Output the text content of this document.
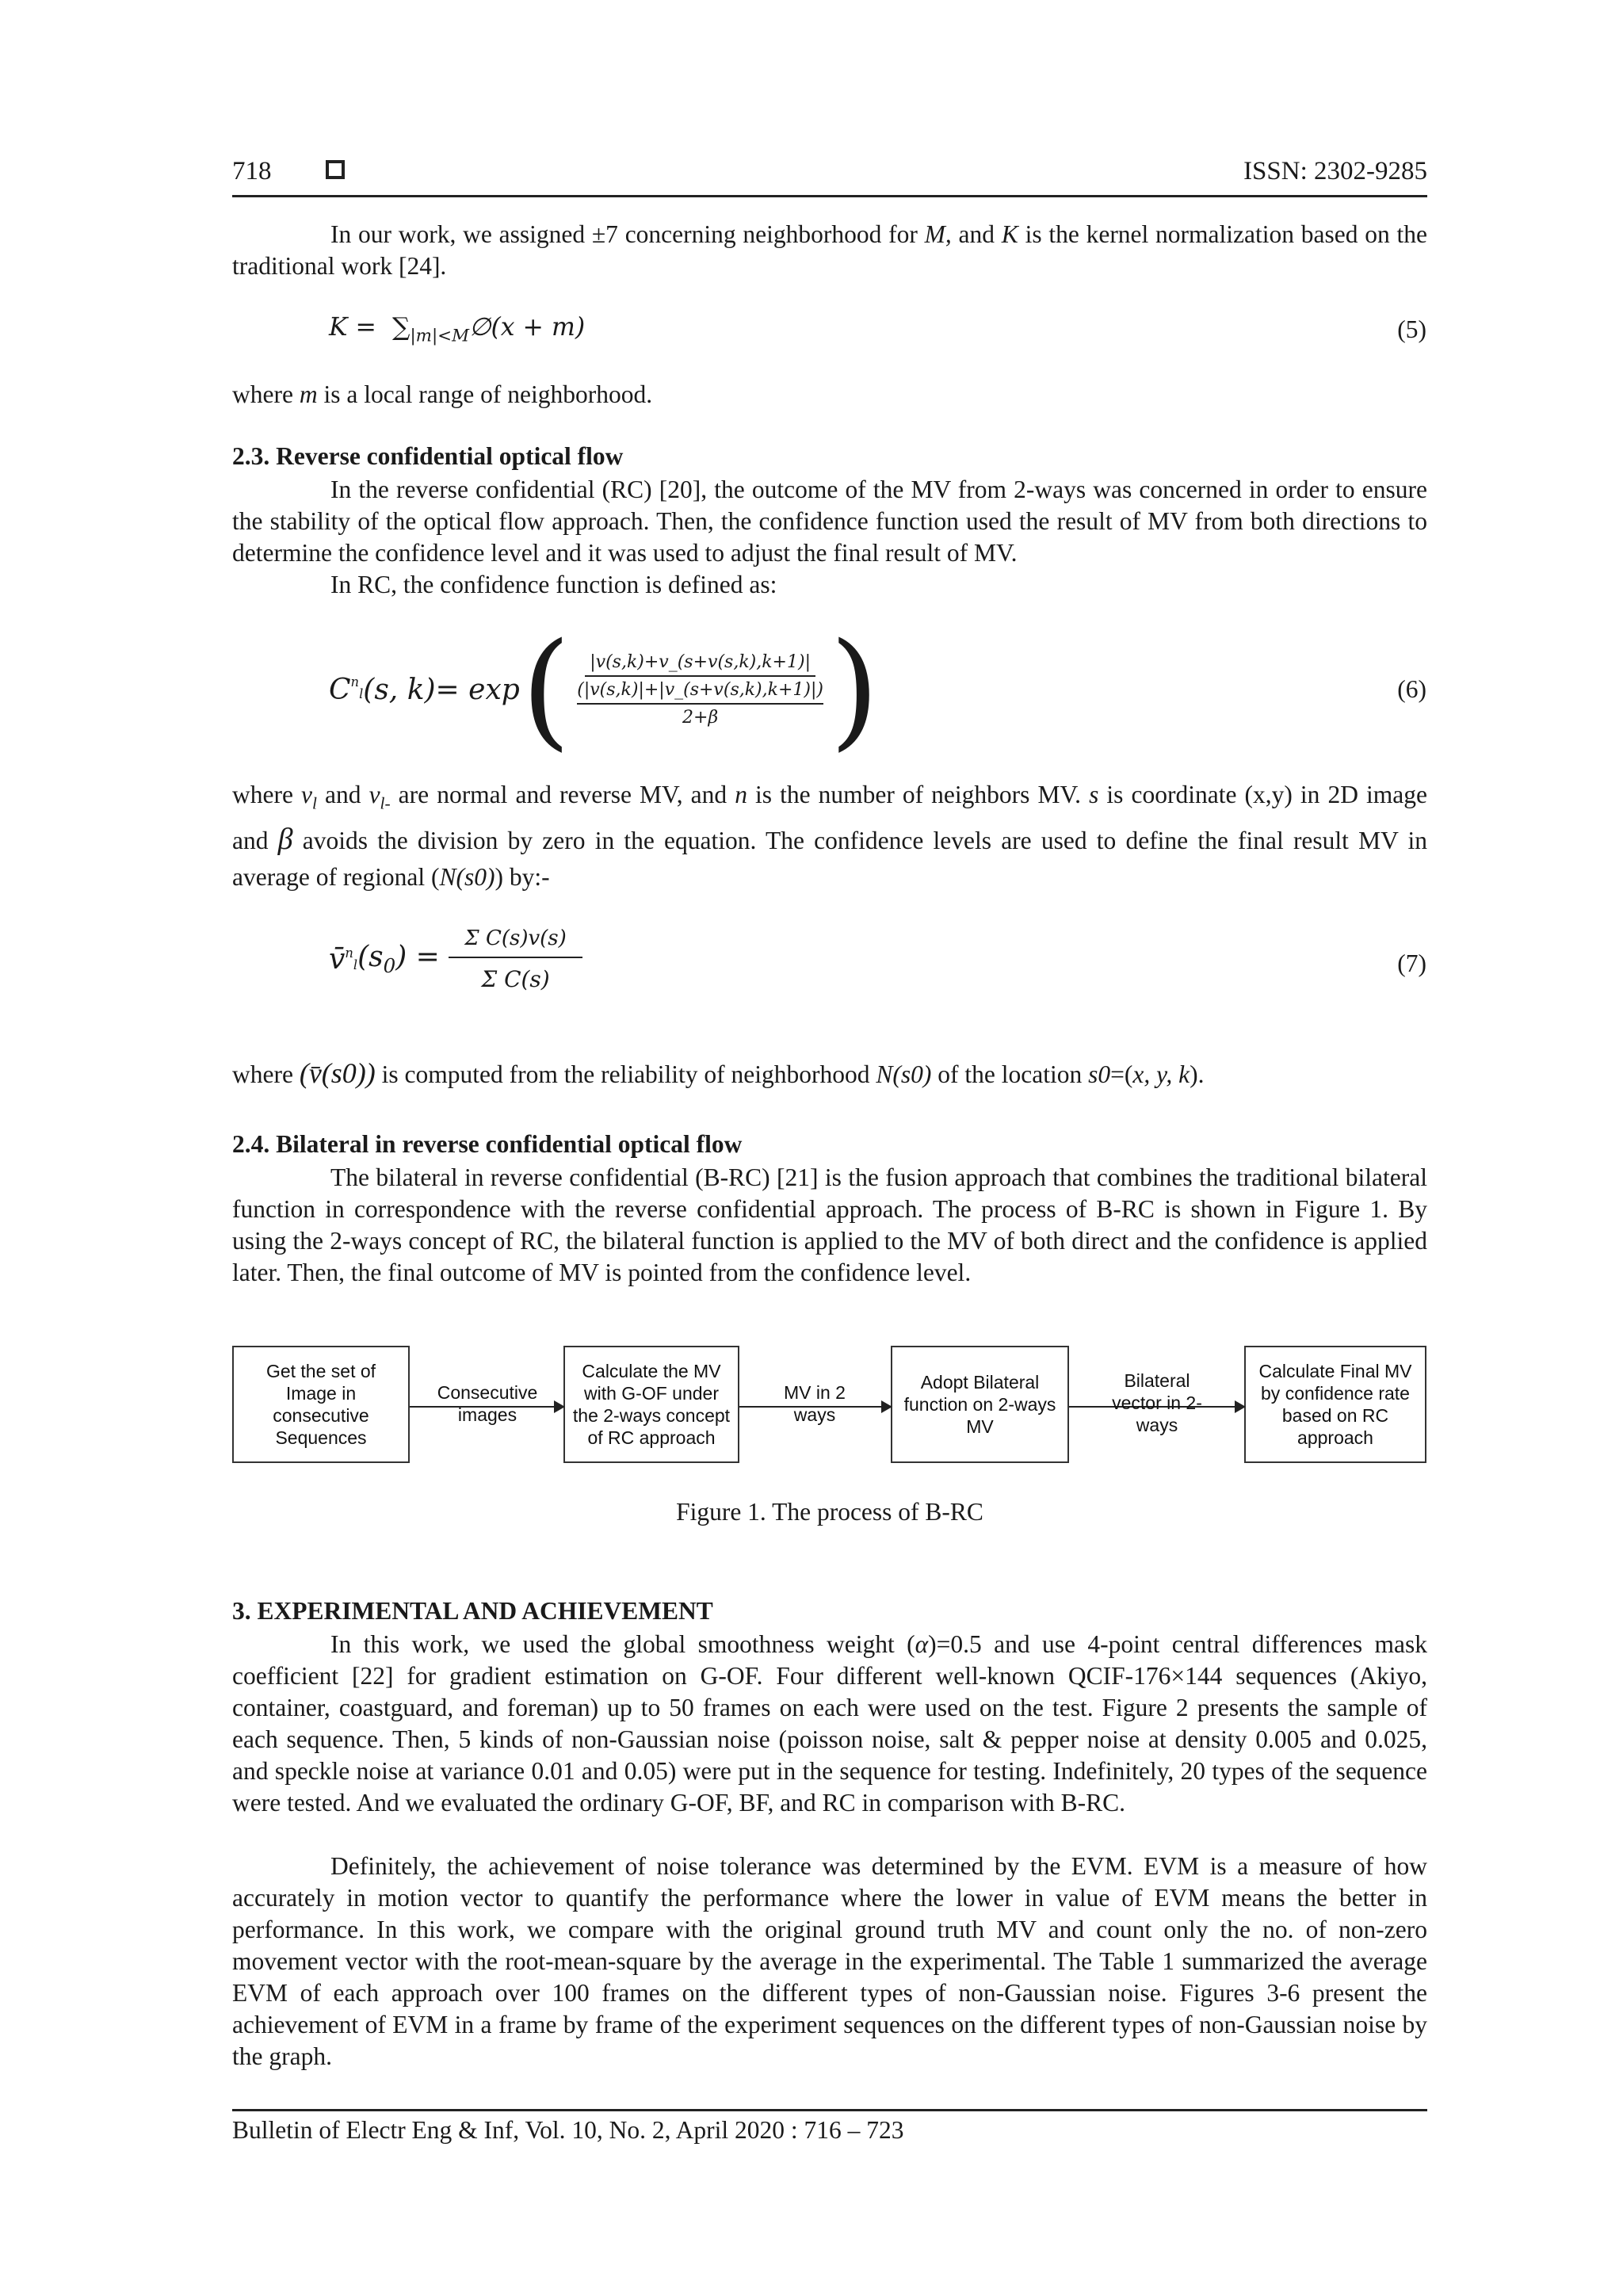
718	ISSN: 2302-9285

In our work, we assigned ±7 concerning neighborhood for M, and K is the kernel normalization based on the traditional work [24].

$K = \sum_{|m|<M}\emptyset(x + m)$	(5)

where m is a local range of neighborhood.

2.3. Reverse confidential optical flow

In the reverse confidential (RC) [20], the outcome of the MV from 2-ways was concerned in order to ensure the stability of the optical flow approach. Then, the confidence function used the result of MV from both directions to determine the confidence level and it was used to adjust the final result of MV.

In RC, the confidence function is defined as:

C $^n_l$ (s, k) = exp ( |v(s,k)+v_(s+v(s,k),k+1)|
(|v(s,k)|+|v_(s+v(s,k),k+1)|)
2+β )	(6)

where $v_l$ and $v_{l-}$ are normal and reverse MV, and n is the number of neighbors MV. s is coordinate (x,y) in 2D image and β avoids the division by zero in the equation. The confidence levels are used to define the final result MV in average of regional (N(s0)) by:-

v̄ $^n_l$ $(s_0) = \frac{\text{Σ C(s)v(s)}}{\text{Σ C(s)}}$	(7)

where (v̄(s0)) is computed from the reliability of neighborhood N(s0) of the location s0=(x, y, k).

2.4. Bilateral in reverse confidential optical flow

The bilateral in reverse confidential (B-RC) [21] is the fusion approach that combines the traditional bilateral function in correspondence with the reverse confidential approach. The process of B-RC is shown in Figure 1. By using the 2-ways concept of RC, the bilateral function is applied to the MV of both direct and the confidence is applied later. Then, the final outcome of MV is pointed from the confidence level.

Get the set of Image in consecutive Sequences
Calculate the MV with G-OF under the 2-ways concept of RC approach
Adopt Bilateral function on 2-ways MV
Calculate Final MV by confidence rate based on RC approach
Consecutive images
MV in 2 ways
Bilateral vector in 2-ways
Figure 1. The process of B-RC

3. EXPERIMENTAL AND ACHIEVEMENT

In this work, we used the global smoothness weight (α)=0.5 and use 4-point central differences mask coefficient [22] for gradient estimation on G-OF. Four different well-known QCIF-176×144 sequences (Akiyo, container, coastguard, and foreman) up to 50 frames on each were used on the test. Figure 2 presents the sample of each sequence. Then, 5 kinds of non-Gaussian noise (poisson noise, salt & pepper noise at density 0.005 and 0.025, and speckle noise at variance 0.01 and 0.05) were put in the sequence for testing. Indefinitely, 20 types of the sequence were tested. And we evaluated the ordinary G-OF, BF, and RC in comparison with B-RC.

Definitely, the achievement of noise tolerance was determined by the EVM. EVM is a measure of how accurately in motion vector to quantify the performance where the lower in value of EVM means the better in performance. In this work, we compare with the original ground truth MV and count only the no. of non-zero movement vector with the root-mean-square by the average in the experimental. The Table 1 summarized the average EVM of each approach over 100 frames on the different types of non-Gaussian noise. Figures 3-6 present the achievement of EVM in a frame by frame of the experiment sequences on the different types of non-Gaussian noise by the graph.

Bulletin of Electr Eng & Inf, Vol. 10, No. 2, April 2020 : 716 – 723
